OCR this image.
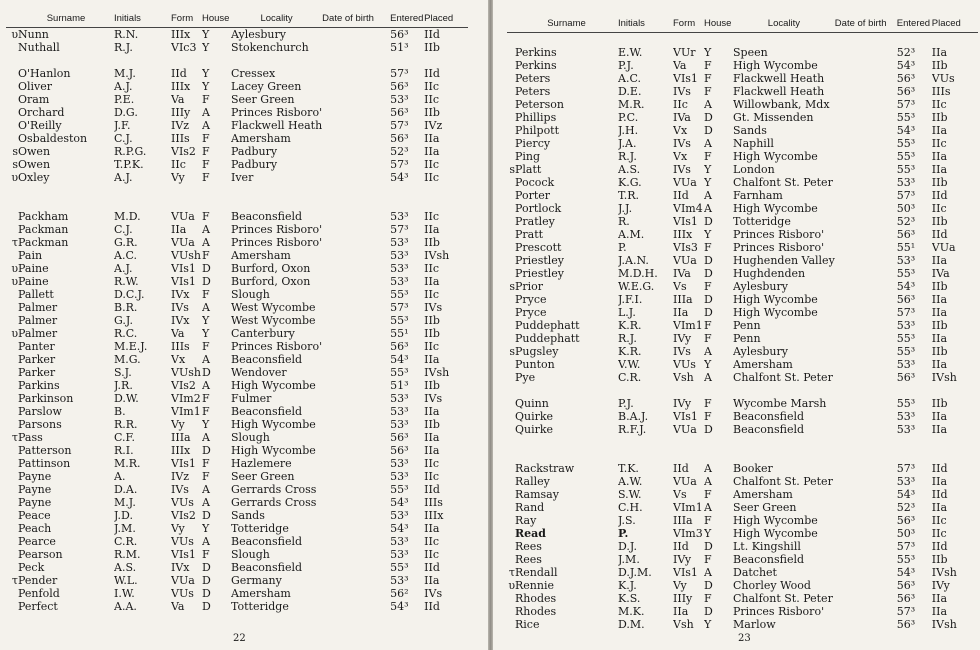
	Surname	Initials	Form	House	Locality	Date of birth	Entered	Placed
υ	Nunn	R.N.	IIIx	Y	Aylesbury		56³	IId
	Nuthall	R.J.	VIc3	Y	Stokenchurch		51³	IIb

	O'Hanlon	M.J.	IId	Y	Cressex		57³	IId
	Oliver	A.J.	IIIx	Y	Lacey Green		56³	IIc
	Oram	P.E.	Va	F	Seer Green		53³	IIc
	Orchard	D.G.	IIIy	A	Princes Risboro'		56³	IIb
	O'Reilly	J.F.	IVz	A	Flackwell Heath		57³	IVz
	Osbaldeston	C.J.	IIIs	F	Amersham		56³	IIa
s	Owen	R.P.G.	VIs2	F	Padbury		52³	IIa
s	Owen	T.P.K.	IIc	F	Padbury		57³	IIc
υ	Oxley	A.J.	Vy	F	Iver		54³	IIc

	Packham	M.D.	VUa	F	Beaconsfield		53³	IIc
	Packman	C.J.	IIa	A	Princes Risboro'		57³	IIa
τ	Packman	G.R.	VUa	A	Princes Risboro'		53³	IIb
	Pain	A.C.	VUsh	F	Amersham		53³	IVsh
υ	Paine	A.J.	VIs1	D	Burford, Oxon		53³	IIc
υ	Paine	R.W.	VIs1	D	Burford, Oxon		53³	IIa
	Pallett	D.C.J.	IVx	F	Slough		55³	IIc
	Palmer	B.R.	IVs	A	West Wycombe		57³	IVs
	Palmer	G.J.	IVx	Y	West Wycombe		55³	IIb
υ	Palmer	R.C.	Va	Y	Canterbury		55¹	IIb
	Panter	M.E.J.	IIIs	F	Princes Risboro'		56³	IIc
	Parker	M.G.	Vx	A	Beaconsfield		54³	IIa
	Parker	S.J.	VUsh	D	Wendover		55³	IVsh
	Parkins	J.R.	VIs2	A	High Wycombe		51³	IIb
	Parkinson	D.W.	VIm2	F	Fulmer		53³	IVs
	Parslow	B.	VIm1	F	Beaconsfield		53³	IIa
	Parsons	R.R.	Vy	Y	High Wycombe		53³	IIb
τ	Pass	C.F.	IIIa	A	Slough		56³	IIa
	Patterson	R.I.	IIIx	D	High Wycombe		56³	IIa
	Pattinson	M.R.	VIs1	F	Hazlemere		53³	IIc
	Payne	A.	IVz	F	Seer Green		53³	IIc
	Payne	D.A.	IVs	A	Gerrards Cross		55³	IId
	Payne	M.J.	VUs	A	Gerrards Cross		54³	IIIs
	Peace	J.D.	VIs2	D	Sands		53³	IIIx
	Peach	J.M.	Vy	Y	Totteridge		54³	IIa
	Pearce	C.R.	VUs	A	Beaconsfield		53³	IIc
	Pearson	R.M.	VIs1	F	Slough		53³	IIc
	Peck	A.S.	IVx	D	Beaconsfield		55³	IId
τ	Pender	W.L.	VUa	D	Germany		53³	IIa
	Penfold	I.W.	VUs	D	Amersham		56²	IVs
	Perfect	A.A.	Va	D	Totteridge		54³	IId
22
	Surname	Initials	Form	House	Locality	Date of birth	Entered	Placed

	Perkins	E.W.	VUr	Y	Speen		52³	IIa
	Perkins	P.J.	Va	F	High Wycombe		54³	IIb
	Peters	A.C.	VIs1	F	Flackwell Heath		56³	VUs
	Peters	D.E.	IVs	F	Flackwell Heath		56³	IIIs
	Peterson	M.R.	IIc	A	Willowbank, Mdx		57³	IIc
	Phillips	P.C.	IVa	D	Gt. Missenden		55³	IIb
	Philpott	J.H.	Vx	D	Sands		54³	IIa
	Piercy	J.A.	IVs	A	Naphill		55³	IIc
	Ping	R.J.	Vx	F	High Wycombe		55³	IIa
s	Platt	A.S.	IVs	Y	London		55³	IIa
	Pocock	K.G.	VUa	Y	Chalfont St. Peter		53³	IIb
	Porter	T.R.	IId	A	Farnham		57³	IId
	Portlock	J.J.	VIm4	A	High Wycombe		50³	IIc
	Pratley	R.	VIs1	D	Totteridge		52³	IIb
	Pratt	A.M.	IIIx	Y	Princes Risboro'		56³	IId
	Prescott	P.	VIs3	F	Princes Risboro'		55¹	VUa
	Priestley	J.A.N.	VUa	D	Hughenden Valley		53³	IIa
	Priestley	M.D.H.	IVa	D	Hughdenden		55³	IVa
s	Prior	W.E.G.	Vs	F	Aylesbury		54³	IIb
	Pryce	J.F.I.	IIIa	D	High Wycombe		56³	IIa
	Pryce	L.J.	IIa	D	High Wycombe		57³	IIa
	Puddephatt	K.R.	VIm1	F	Penn		53³	IIb
	Puddephatt	R.J.	IVy	F	Penn		55³	IIa
s	Pugsley	K.R.	IVs	A	Aylesbury		55³	IIb
	Punton	V.W.	VUs	Y	Amersham		53³	IIa
	Pye	C.R.	Vsh	A	Chalfont St. Peter		56³	IVsh

	Quinn	P.J.	IVy	F	Wycombe Marsh		55³	IIb
	Quirke	B.A.J.	VIs1	F	Beaconsfield		53³	IIa
	Quirke	R.F.J.	VUa	D	Beaconsfield		53³	IIa

	Rackstraw	T.K.	IId	A	Booker		57³	IId
	Ralley	A.W.	VUa	A	Chalfont St. Peter		53³	IIa
	Ramsay	S.W.	Vs	F	Amersham		54³	IId
	Rand	C.H.	VIm1	A	Seer Green		52³	IIa
	Ray	J.S.	IIIa	F	High Wycombe		56³	IIc
	Read	P.	VIm3	Y	High Wycombe		50³	IIc
	Rees	D.J.	IId	D	Lt. Kingshill		57³	IId
	Rees	J.M.	IVy	F	Beaconsfield		55³	IIb
τ	Rendall	D.J.M.	VIs1	A	Datchet		54³	IVsh
υ	Rennie	K.J.	Vy	D	Chorley Wood		56³	IVy
	Rhodes	K.S.	IIIy	F	Chalfont St. Peter		56³	IIa
	Rhodes	M.K.	IIa	D	Princes Risboro'		57³	IIa
	Rice	D.M.	Vsh	Y	Marlow		56³	IVsh
23
